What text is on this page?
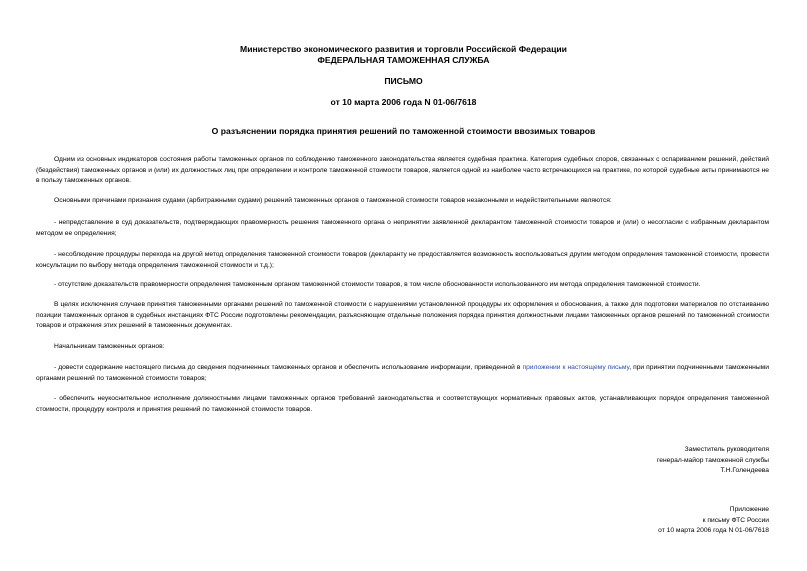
Министерство экономического развития и торговли Российской Федерации
ФЕДЕРАЛЬНАЯ ТАМОЖЕННАЯ СЛУЖБА
ПИСЬМО
от 10 марта 2006 года N 01-06/7618
О разъяснении порядка принятия решений по таможенной стоимости ввозимых товаров
Одним из основных индикаторов состояния работы таможенных органов по соблюдению таможенного законодательства является судебная практика. Категория судебных споров, связанных с оспариванием решений, действий (бездействия) таможенных органов и (или) их должностных лиц при определении и контроле таможенной стоимости товаров, является одной из наиболее часто встречающихся на практике, по которой судебные акты принимаются не в пользу таможенных органов.
Основными причинами признания судами (арбитражными судами) решений таможенных органов о таможенной стоимости товаров незаконными и недействительными являются:
- непредставление в суд доказательств, подтверждающих правомерность решения таможенного органа о непринятии заявленной декларантом таможенной стоимости товаров и (или) о несогласии с избранным декларантом методом ее определения;
- несоблюдение процедуры перехода на другой метод определения таможенной стоимости товаров (декларанту не предоставляется возможность воспользоваться другим методом определения таможенной стоимости, провести консультации по выбору метода определения таможенной стоимости и т.д.);
- отсутствие доказательств правомерности определения таможенным органом таможенной стоимости товаров, в том числе обоснованности использованного им метода определения таможенной стоимости.
В целях исключения случаев принятия таможенными органами решений по таможенной стоимости с нарушениями установленной процедуры их оформления и обоснования, а также для подготовки материалов по отстаиванию позиции таможенных органов в судебных инстанциях ФТС России подготовлены рекомендации, разъясняющие отдельные положения порядка принятия должностными лицами таможенных органов решений по таможенной стоимости товаров и отражения этих решений в таможенных документах.
Начальникам таможенных органов:
- довести содержание настоящего письма до сведения подчиненных таможенных органов и обеспечить использование информации, приведенной в приложении к настоящему письму, при принятии подчиненными таможенными органами решений по таможенной стоимости товаров;
- обеспечить неукоснительное исполнение должностными лицами таможенных органов требований законодательства и соответствующих нормативных правовых актов, устанавливающих порядок определения таможенной стоимости, процедуру контроля и принятия решений по таможенной стоимости товаров.
Заместитель руководителя
генерал-майор таможенной службы
Т.Н.Голендеева
Приложение
к письму ФТС России
от 10 марта 2006 года N 01-06/7618
